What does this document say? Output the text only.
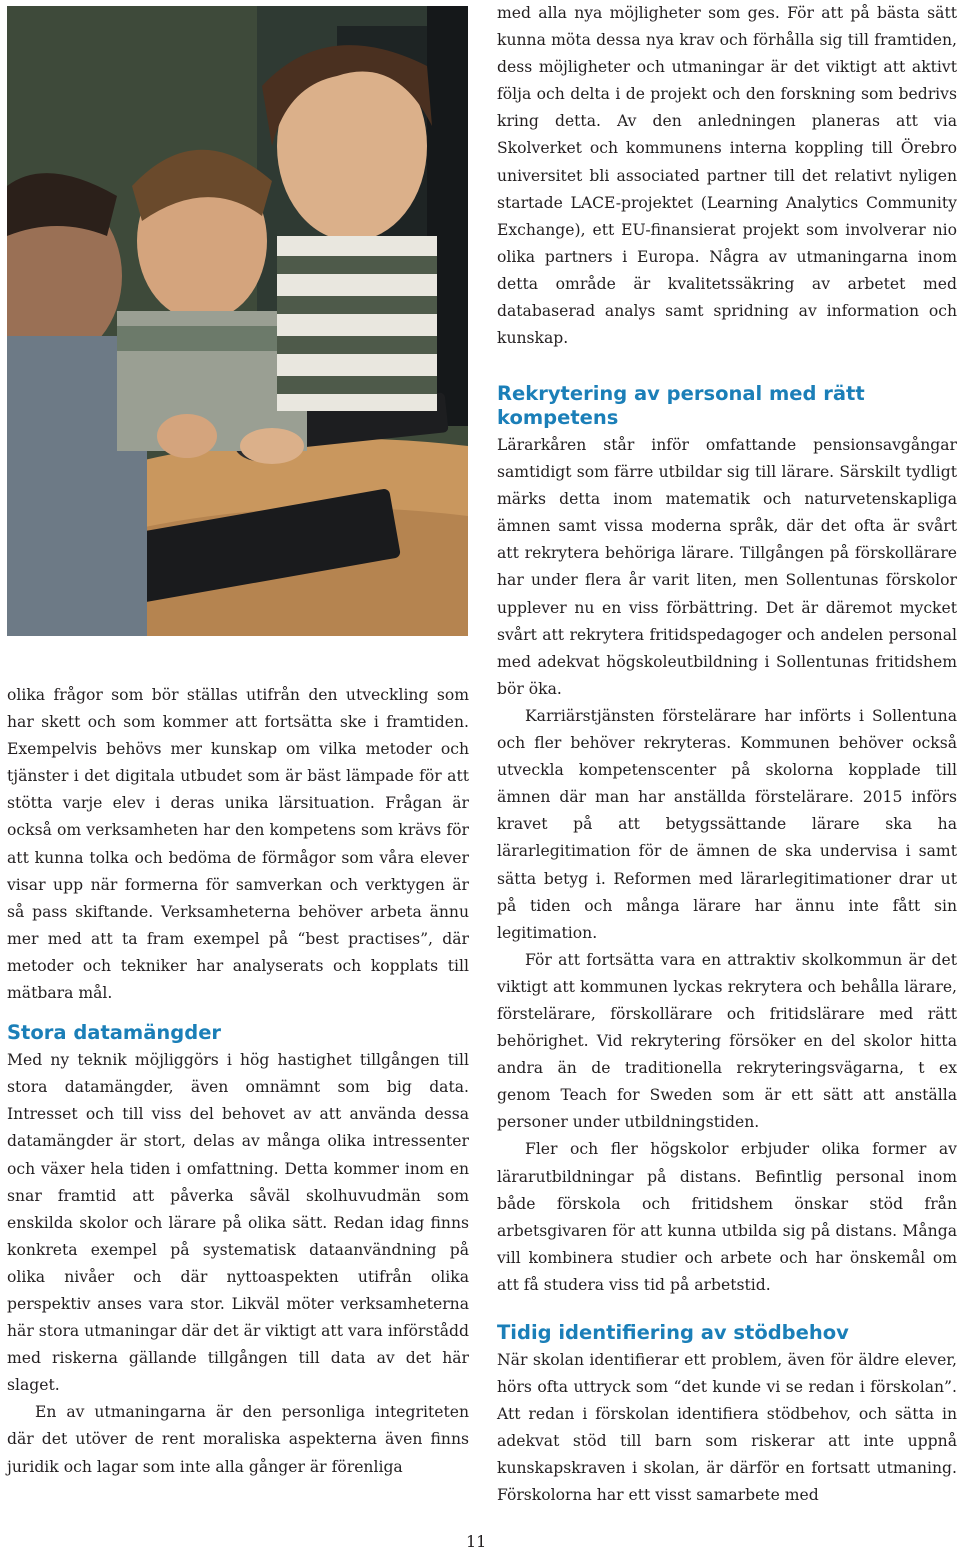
olika frågor som bör ställas utifrån den utveckling som har skett och som kommer att fortsätta ske i framtiden. Exempelvis behövs mer kunskap om vilka metoder och tjänster i det digitala utbudet som är bäst lämpade för att stötta varje elev i deras unika lärsituation. Frågan är också om verksamheten har den kompetens som krävs för att kunna tolka och bedöma de förmågor som våra elever visar upp när formerna för samverkan och verktygen är så pass skiftande. Verksamheterna behöver arbeta ännu mer med att ta fram exempel på “best practises”, där metoder och tekniker har analyserats och kopplats till mätbara mål.

Stora datamängder

Med ny teknik möjliggörs i hög hastighet tillgången till stora datamängder, även omnämnt som big data. Intresset och till viss del behovet av att använda dessa datamängder är stort, delas av många olika intressenter och växer hela tiden i omfattning. Detta kommer inom en snar framtid att påverka såväl skolhuvudmän som enskilda skolor och lärare på olika sätt. Redan idag finns konkreta exempel på systematisk dataanvändning på olika nivåer och där nyttoaspekten utifrån olika perspektiv anses vara stor. Likväl möter verksamheterna här stora utmaningar där det är viktigt att vara införstådd med riskerna gällande tillgången till data av det här slaget.

En av utmaningarna är den personliga integriteten där det utöver de rent moraliska aspekterna även finns juridik och lagar som inte alla gånger är förenliga

med alla nya möjligheter som ges. För att på bästa sätt kunna möta dessa nya krav och förhålla sig till framtiden, dess möjligheter och utmaningar är det viktigt att aktivt följa och delta i de projekt och den forskning som bedrivs kring detta. Av den anledningen planeras att via Skolverket och kommunens interna koppling till Örebro universitet bli associated partner till det relativt nyligen startade LACE-projektet (Learning Analytics Community Exchange), ett EU-finansierat projekt som involverar nio olika partners i Europa. Några av utmaningarna inom detta område är kvalitetssäkring av arbetet med databaserad analys samt spridning av information och kunskap.

Rekrytering av personal med rätt kompetens

Lärarkåren står inför omfattande pensionsavgångar samtidigt som färre utbildar sig till lärare. Särskilt tydligt märks detta inom matematik och naturvetenskapliga ämnen samt vissa moderna språk, där det ofta är svårt att rekrytera behöriga lärare. Tillgången på förskollärare har under flera år varit liten, men Sollentunas förskolor upplever nu en viss förbättring. Det är däremot mycket svårt att rekrytera fritidspedagoger och andelen personal med adekvat högskoleutbildning i Sollentunas fritidshem bör öka.

Karriärstjänsten förstelärare har införts i Sollentuna och fler behöver rekryteras. Kommunen behöver också utveckla kompetenscenter på skolorna kopplade till ämnen där man har anställda förstelärare. 2015 införs kravet på att betygssättande lärare ska ha lärarlegitimation för de ämnen de ska undervisa i samt sätta betyg i. Reformen med lärarlegitimationer drar ut på tiden och många lärare har ännu inte fått sin legitimation.

För att fortsätta vara en attraktiv skolkommun är det viktigt att kommunen lyckas rekrytera och behålla lärare, förstelärare, förskollärare och fritidslärare med rätt behörighet. Vid rekrytering försöker en del skolor hitta andra än de traditionella rekryteringsvägarna, t ex genom Teach for Sweden som är ett sätt att anställa personer under utbildningstiden.

Fler och fler högskolor erbjuder olika former av lärarutbildningar på distans. Befintlig personal inom både förskola och fritidshem önskar stöd från arbetsgivaren för att kunna utbilda sig på distans. Många vill kombinera studier och arbete och har önskemål om att få studera viss tid på arbetstid.

Tidig identifiering av stödbehov

När skolan identifierar ett problem, även för äldre elever, hörs ofta uttryck som “det kunde vi se redan i förskolan”. Att redan i förskolan identifiera stödbehov, och sätta in adekvat stöd till barn som riskerar att inte uppnå kunskapskraven i skolan, är därför en fortsatt utmaning. Förskolorna har ett visst samarbete med

11
